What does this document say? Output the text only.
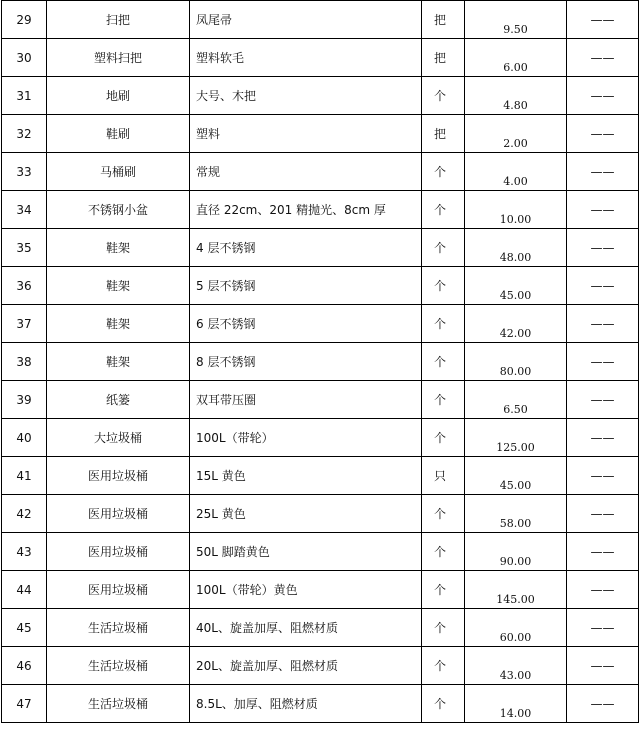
29	扫把	凤尾帚	把	9.50	——
30	塑料扫把	塑料软毛	把	6.00	——
31	地刷	大号、木把	个	4.80	——
32	鞋刷	塑料	把	2.00	——
33	马桶刷	常规	个	4.00	——
34	不锈钢小盆	直径 22cm、201 精抛光、8cm 厚	个	10.00	——
35	鞋架	4 层不锈钢	个	48.00	——
36	鞋架	5 层不锈钢	个	45.00	——
37	鞋架	6 层不锈钢	个	42.00	——
38	鞋架	8 层不锈钢	个	80.00	——
39	纸篓	双耳带压圈	个	6.50	——
40	大垃圾桶	100L（带轮）	个	125.00	——
41	医用垃圾桶	15L 黄色	只	45.00	——
42	医用垃圾桶	25L 黄色	个	58.00	——
43	医用垃圾桶	50L 脚踏黄色	个	90.00	——
44	医用垃圾桶	100L（带轮）黄色	个	145.00	——
45	生活垃圾桶	40L、旋盖加厚、阻燃材质	个	60.00	——
46	生活垃圾桶	20L、旋盖加厚、阻燃材质	个	43.00	——
47	生活垃圾桶	8.5L、加厚、阻燃材质	个	14.00	——
